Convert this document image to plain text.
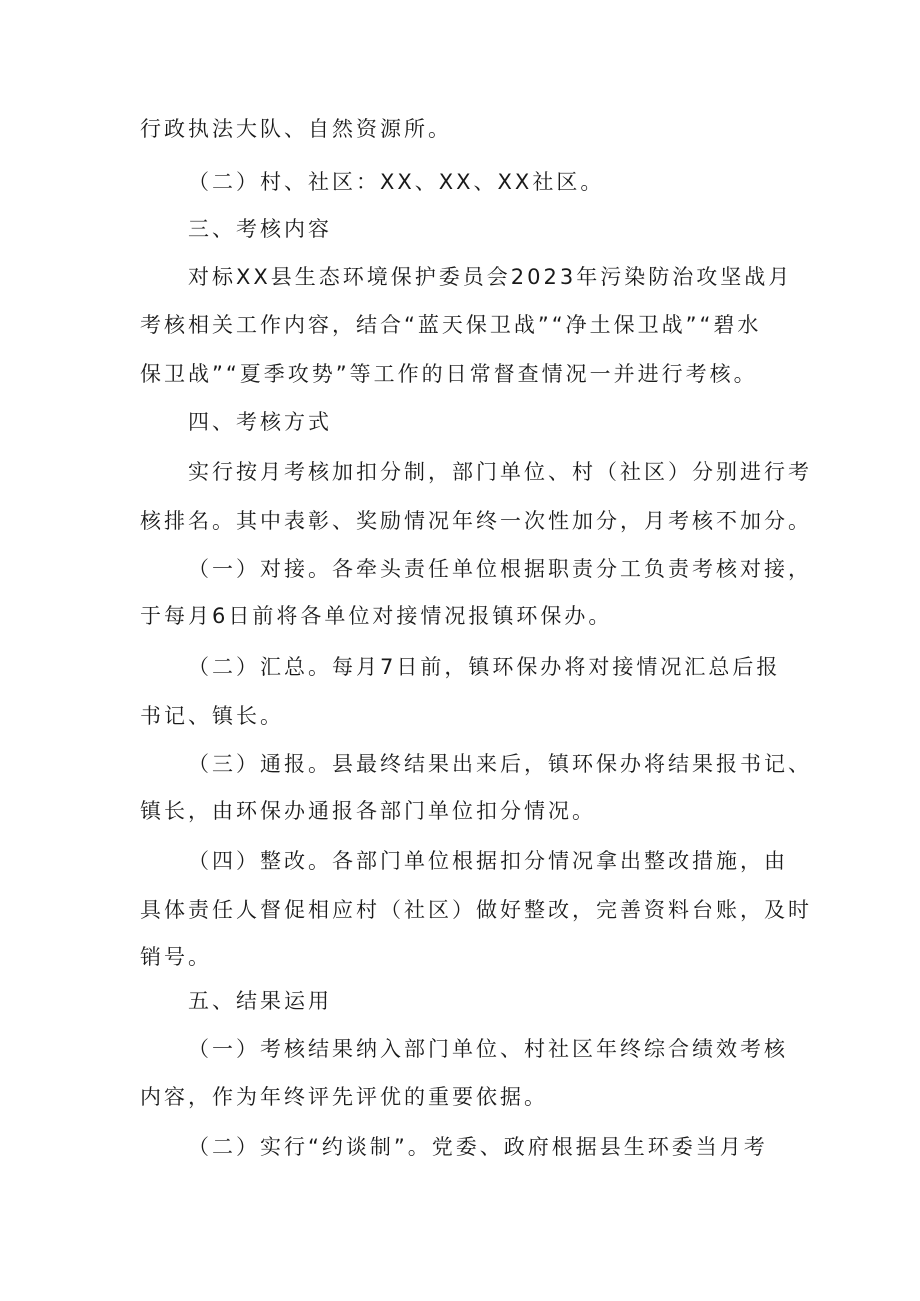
行政执法大队、自然资源所。

（二）村、社区：XX、XX、XX社区。

三、考核内容

对标XX县生态环境保护委员会2023年污染防治攻坚战月

考核相关工作内容，结合“蓝天保卫战”“净土保卫战”“碧水

保卫战”“夏季攻势”等工作的日常督查情况一并进行考核。

四、考核方式

实行按月考核加扣分制，部门单位、村（社区）分别进行考

核排名。其中表彰、奖励情况年终一次性加分，月考核不加分。

（一）对接。各牵头责任单位根据职责分工负责考核对接，

于每月6日前将各单位对接情况报镇环保办。

（二）汇总。每月7日前，镇环保办将对接情况汇总后报

书记、镇长。

（三）通报。县最终结果出来后，镇环保办将结果报书记、

镇长，由环保办通报各部门单位扣分情况。

（四）整改。各部门单位根据扣分情况拿出整改措施，由

具体责任人督促相应村（社区）做好整改，完善资料台账，及时

销号。

五、结果运用

（一）考核结果纳入部门单位、村社区年终综合绩效考核

内容，作为年终评先评优的重要依据。

（二）实行“约谈制”。党委、政府根据县生环委当月考
